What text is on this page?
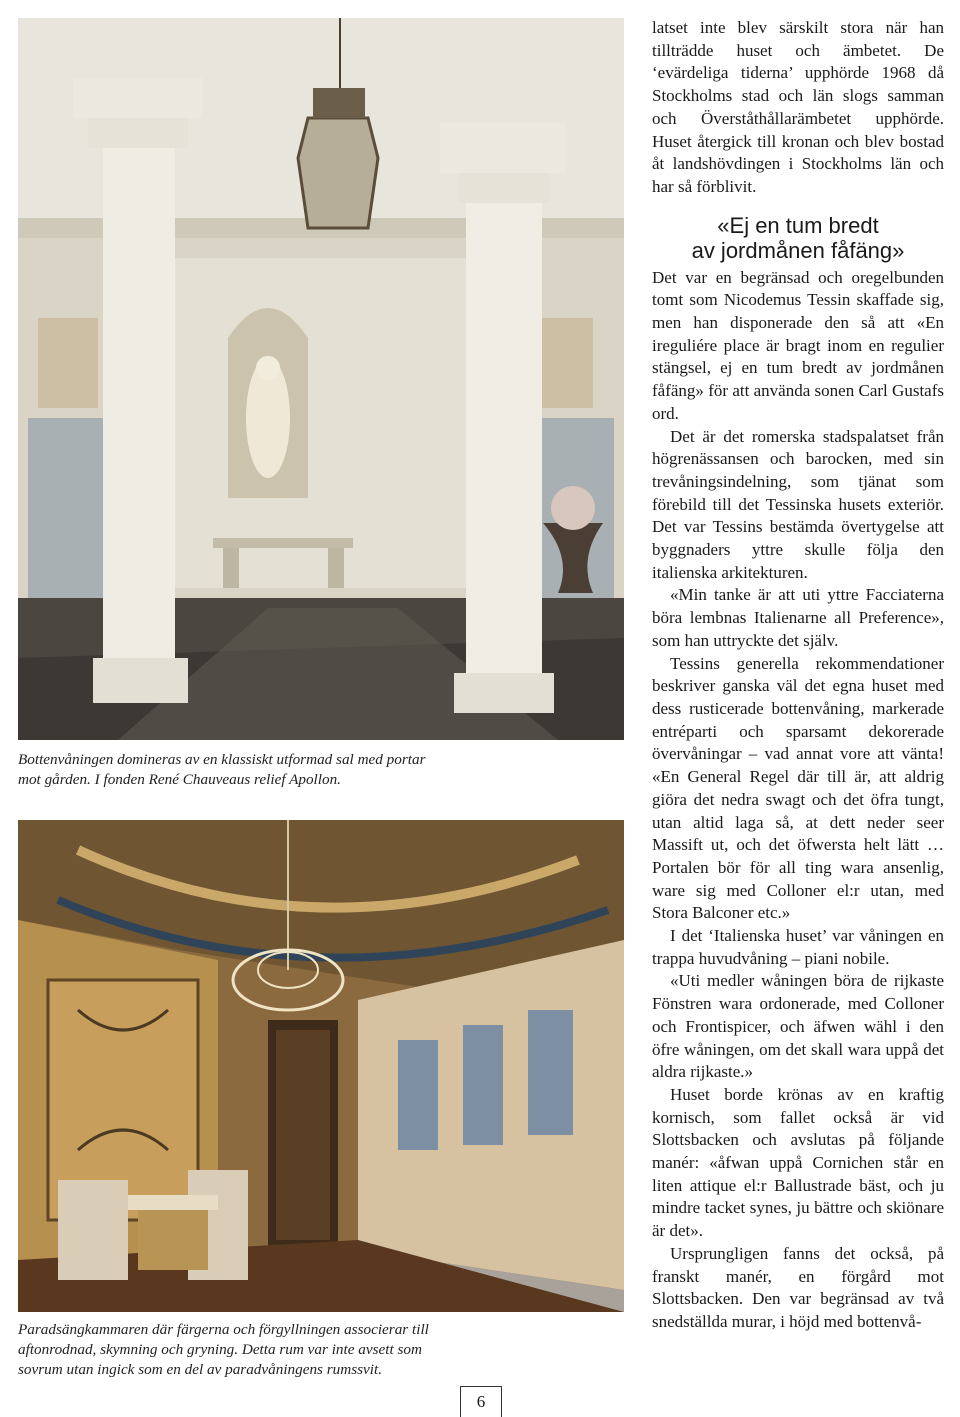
Bottenvåningen domineras av en klassiskt utformad sal med portar mot gården. I fonden René Chauveaus relief Apollon.
Paradsängkammaren där färgerna och förgyllningen associerar till aftonrodnad, skymning och gryning. Detta rum var inte avsett som sovrum utan ingick som en del av paradvåningens rumssvit.

latset inte blev särskilt stora när han tillträdde huset och ämbetet. De ‘evärdeliga tiderna’ upphörde 1968 då Stockholms stad och län slogs samman och Överståthållarämbetet upphörde. Huset återgick till kronan och blev bostad åt landshövdingen i Stockholms län och har så förblivit.

«Ej en tum bredt
av jordmånen fåfäng»

Det var en begränsad och oregelbunden tomt som Nicodemus Tessin skaffade sig, men han disponerade den så att «En ireguliére place är bragt inom en regulier stängsel, ej en tum bredt av jordmånen fåfäng» för att använda sonen Carl Gustafs ord.

Det är det romerska stadspalatset från högrenässansen och barocken, med sin trevåningsindelning, som tjänat som förebild till det Tessinska husets exteriör. Det var Tessins bestämda övertygelse att byggnaders yttre skulle följa den italienska arkitekturen.

«Min tanke är att uti yttre Facciaterna böra lembnas Italienarne all Preference», som han uttryckte det själv.

Tessins generella rekommendationer beskriver ganska väl det egna huset med dess rusticerade bottenvåning, markerade entréparti och sparsamt dekorerade övervåningar – vad annat vore att vänta! «En General Regel där till är, att aldrig giöra det nedra swagt och det öfra tungt, utan altid laga så, at dett neder seer Massift ut, och det öfwersta helt lätt … Portalen bör för all ting wara ansenlig, ware sig med Colloner el:r utan, med Stora Balconer etc.»

I det ‘Italienska huset’ var våningen en trappa huvudvåning – piani nobile.

«Uti medler wåningen böra de rijkaste Fönstren wara ordonerade, med Colloner och Frontispicer, och äfwen wähl i den öfre wåningen, om det skall wara uppå det aldra rijkaste.»

Huset borde krönas av en kraftig kornisch, som fallet också är vid Slottsbacken och avslutas på följande manér: «åfwan uppå Cornichen står en liten attique el:r Ballustrade bäst, och ju mindre tacket synes, ju bättre och skiönare är det».

Ursprungligen fanns det också, på franskt manér, en förgård mot Slottsbacken. Den var begränsad av två snedställda murar, i höjd med bottenvå-

6
